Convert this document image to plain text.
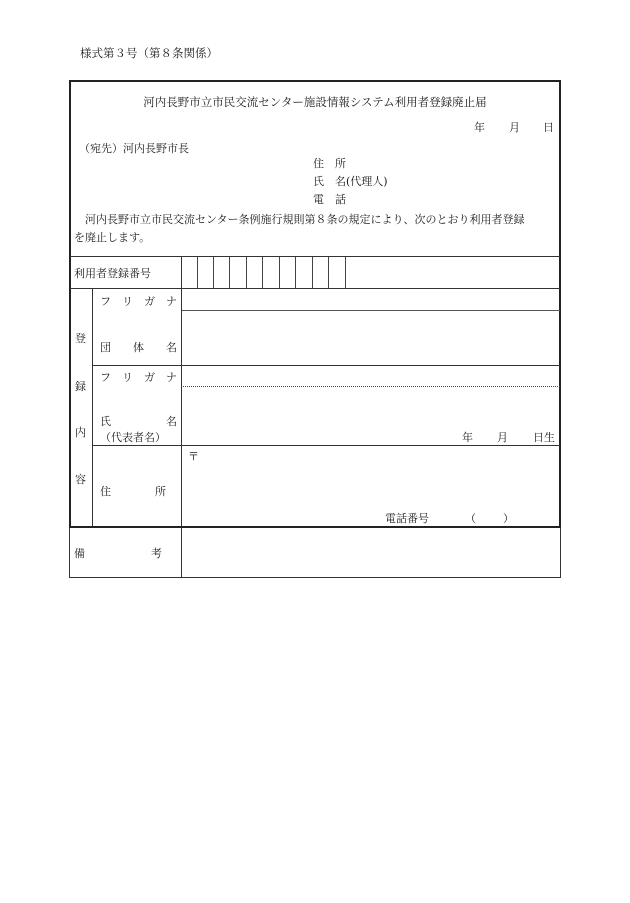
様式第３号（第８条関係）
河内長野市立市民交流センター施設情報システム利用者登録廃止届
年 月 日
（宛先）河内長野市長
住　所
氏　名(代理人)
電　話
　河内長野市立市民交流センター条例施行規則第８条の規定により、次のとおり利用者登録
を廃止します。
利用者登録番号
登
録
内
容
フ　リ　ガ　ナ
団　　体　　名
フ　リ　ガ　ナ
氏　　　　　名
（代表者名）
住　　　　所
年 月 日生
〒
電話番号	（ ）
備　　　　　　考
